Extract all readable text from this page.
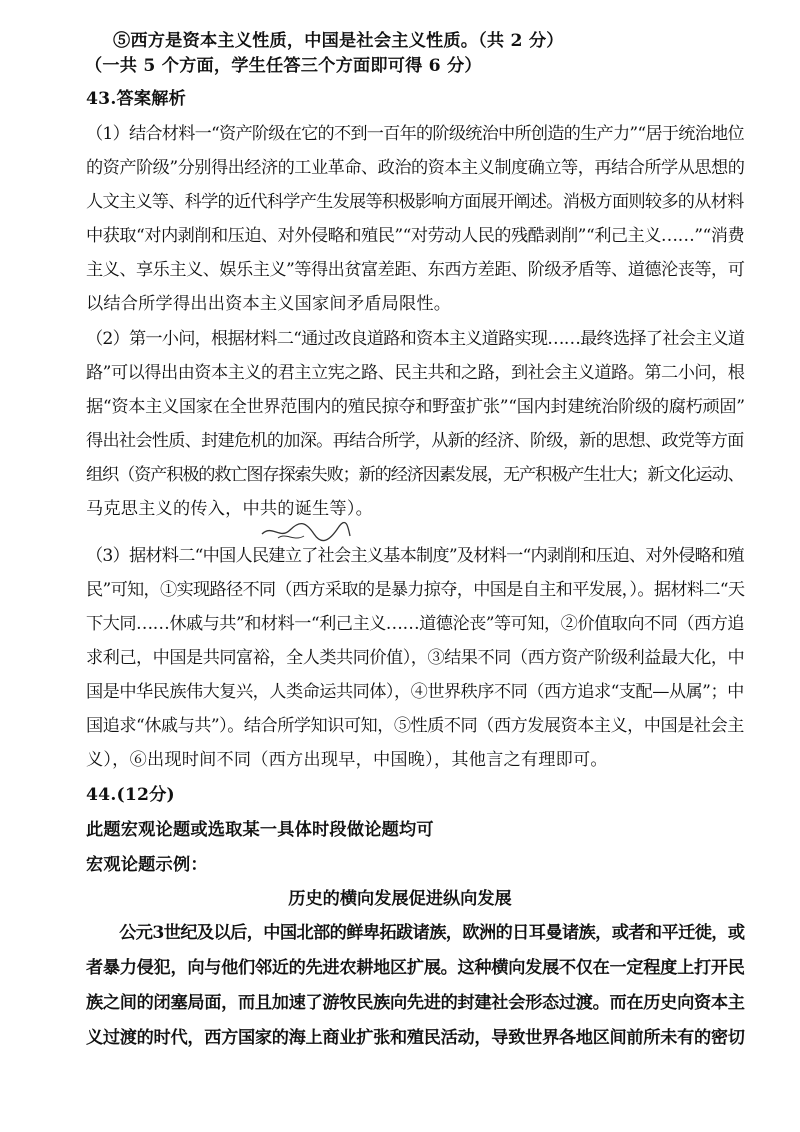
⑤西方是资本主义性质，中国是社会主义性质。（共 2 分）
（一共 5 个方面，学生任答三个方面即可得 6 分）
43.答案解析
（1）结合材料一“资产阶级在它的不到一百年的阶级统治中所创造的生产力”“居于统治地位
的资产阶级”分别得出经济的工业革命、政治的资本主义制度确立等，再结合所学从思想的
人文主义等、科学的近代科学产生发展等积极影响方面展开阐述。消极方面则较多的从材料
中获取“对内剥削和压迫、对外侵略和殖民”“对劳动人民的残酷剥削”“利己主义……”“消费
主义、享乐主义、娱乐主义”等得出贫富差距、东西方差距、阶级矛盾等、道德沦丧等，可
以结合所学得出出资本主义国家间矛盾局限性。
（2）第一小问，根据材料二“通过改良道路和资本主义道路实现……最终选择了社会主义道
路”可以得出由资本主义的君主立宪之路、民主共和之路，到社会主义道路。第二小问，根
据“资本主义国家在全世界范围内的殖民掠夺和野蛮扩张”“国内封建统治阶级的腐朽顽固”
得出社会性质、封建危机的加深。再结合所学，从新的经济、阶级，新的思想、政党等方面
组织（资产积极的救亡图存探索失败；新的经济因素发展，无产积极产生壮大；新文化运动、
马克思主义的传入，中共的诞生等）。
（3）据材料二“中国人民建立了社会主义基本制度”及材料一“内剥削和压迫、对外侵略和殖
民”可知，①实现路径不同（西方采取的是暴力掠夺，中国是自主和平发展，）。据材料二“天
下大同……休戚与共”和材料一“利己主义……道德沦丧”等可知，②价值取向不同（西方追
求利己，中国是共同富裕，全人类共同价值），③结果不同（西方资产阶级利益最大化，中
国是中华民族伟大复兴，人类命运共同体），④世界秩序不同（西方追求“支配—从属”；中
国追求“休戚与共”）。结合所学知识可知，⑤性质不同（西方发展资本主义，中国是社会主
义），⑥出现时间不同（西方出现早，中国晚），其他言之有理即可。
44.(12分)
此题宏观论题或选取某一具体时段做论题均可
宏观论题示例：
历史的横向发展促进纵向发展
　　公元3世纪及以后，中国北部的鲜卑拓跋诸族，欧洲的日耳曼诸族，或者和平迁徙，或
者暴力侵犯，向与他们邻近的先进农耕地区扩展。这种横向发展不仅在一定程度上打开民
族之间的闭塞局面，而且加速了游牧民族向先进的封建社会形态过渡。而在历史向资本主
义过渡的时代，西方国家的海上商业扩张和殖民活动，导致世界各地区间前所未有的密切
